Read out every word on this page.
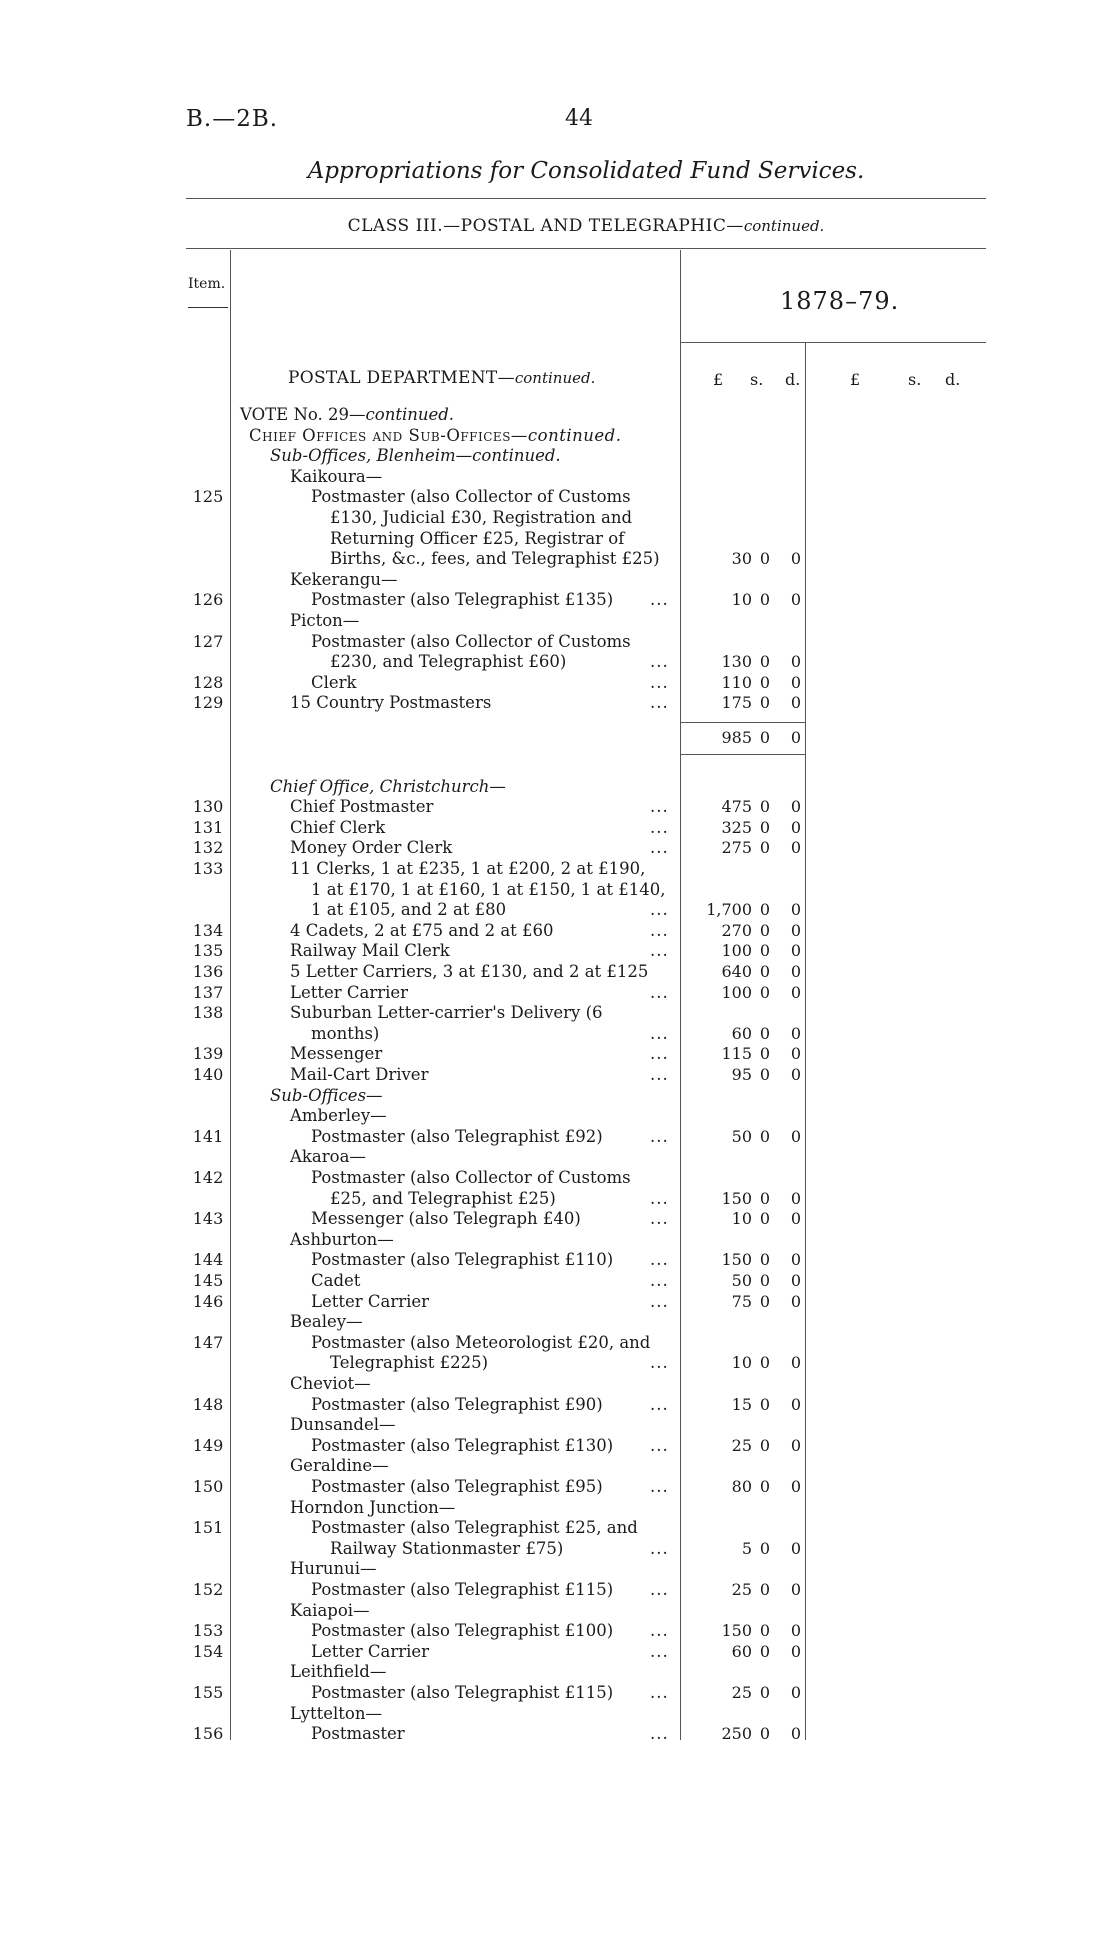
B.—2B.	44
Appropriations for Consolidated Fund Services.
CLASS III.—POSTAL AND TELEGRAPHIC—continued.
Item.
1878–79.
POSTAL DEPARTMENT—continued.	£ s. d.	£	s. d.
VOTE No. 29—continued.
Chief Offices and Sub-Offices—continued.
Sub-Offices, Blenheim—continued.
Kaikoura—
125	Postmaster (also Collector of Customs
£130, Judicial £30, Registration and
Returning Officer £25, Registrar of
Births, &c., fees, and Telegraphist £25)	30 0	0
Kekerangu—
126	Postmaster (also Telegraphist £135) ...	10 0	0
Picton—
127	Postmaster (also Collector of Customs
£230, and Telegraphist £60)	...	130 0	0
128	Clerk	...	110 0	0
129	15 Country Postmasters	...	175 0	0
985 0	0
Chief Office, Christchurch—
130	Chief Postmaster	...	475 0	0
131	Chief Clerk	...	325 0	0
132	Money Order Clerk	...	275 0	0
133	11 Clerks, 1 at £235, 1 at £200, 2 at £190,
1 at £170, 1 at £160, 1 at £150, 1 at £140,
1 at £105, and 2 at £80	...	1,700 0	0
134	4 Cadets, 2 at £75 and 2 at £60	...	270 0	0
135	Railway Mail Clerk	...	100 0	0
136	5 Letter Carriers, 3 at £130, and 2 at £125	640 0	0
137	Letter Carrier	...	100 0	0
138	Suburban Letter-carrier's Delivery (6
months)	...	60 0	0
139	Messenger	...	115 0	0
140	Mail-Cart Driver	...	95 0	0
Sub-Offices—
Amberley—
141	Postmaster (also Telegraphist £92)	...	50 0	0
Akaroa—
142	Postmaster (also Collector of Customs
£25, and Telegraphist £25)	...	150 0	0
143	Messenger (also Telegraph £40)	...	10 0	0
Ashburton—
144	Postmaster (also Telegraphist £110) ...	150 0	0
145	Cadet	...	50 0	0
146	Letter Carrier	...	75 0	0
Bealey—
147	Postmaster (also Meteorologist £20, and
Telegraphist £225)	...	10 0	0
Cheviot—
148	Postmaster (also Telegraphist £90)	...	15 0	0
Dunsandel—
149	Postmaster (also Telegraphist £130) ...	25 0	0
Geraldine—
150	Postmaster (also Telegraphist £95)	...	80 0	0
Horndon Junction—
151	Postmaster (also Telegraphist £25, and
Railway Stationmaster £75)	...	5 0	0
Hurunui—
152	Postmaster (also Telegraphist £115) ...	25 0	0
Kaiapoi—
153	Postmaster (also Telegraphist £100) ...	150 0	0
154	Letter Carrier	...	60 0	0
Leithfield—
155	Postmaster (also Telegraphist £115) ...	25 0	0
Lyttelton—
156	Postmaster	...	250 0	0
